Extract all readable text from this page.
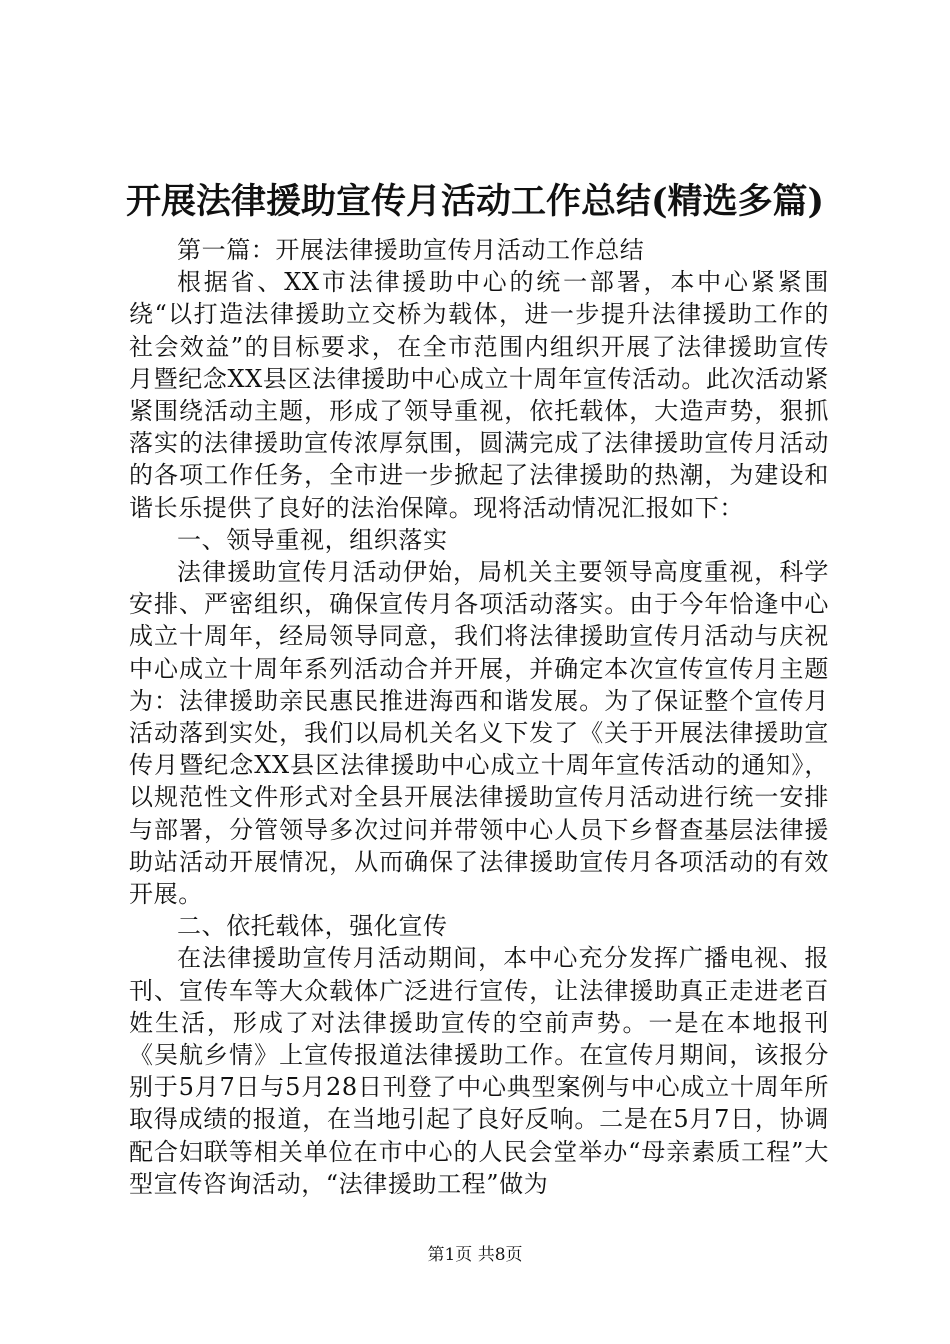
开展法律援助宣传月活动工作总结(精选多篇)

第一篇：开展法律援助宣传月活动工作总结

根据省、XX市法律援助中心的统一部署，本中心紧紧围绕“以打造法律援助立交桥为载体，进一步提升法律援助工作的社会效益”的目标要求，在全市范围内组织开展了法律援助宣传月暨纪念XX县区法律援助中心成立十周年宣传活动。此次活动紧紧围绕活动主题，形成了领导重视，依托载体，大造声势，狠抓落实的法律援助宣传浓厚氛围，圆满完成了法律援助宣传月活动的各项工作任务，全市进一步掀起了法律援助的热潮，为建设和谐长乐提供了良好的法治保障。现将活动情况汇报如下：

一、领导重视，组织落实

法律援助宣传月活动伊始，局机关主要领导高度重视，科学安排、严密组织，确保宣传月各项活动落实。由于今年恰逢中心成立十周年，经局领导同意，我们将法律援助宣传月活动与庆祝中心成立十周年系列活动合并开展，并确定本次宣传宣传月主题为：法律援助亲民惠民推进海西和谐发展。为了保证整个宣传月活动落到实处，我们以局机关名义下发了《关于开展法律援助宣传月暨纪念XX县区法律援助中心成立十周年宣传活动的通知》，以规范性文件形式对全县开展法律援助宣传月活动进行统一安排与部署，分管领导多次过问并带领中心人员下乡督查基层法律援助站活动开展情况，从而确保了法律援助宣传月各项活动的有效开展。

二、依托载体，强化宣传

在法律援助宣传月活动期间，本中心充分发挥广播电视、报刊、宣传车等大众载体广泛进行宣传，让法律援助真正走进老百姓生活，形成了对法律援助宣传的空前声势。一是在本地报刊《吴航乡情》上宣传报道法律援助工作。在宣传月期间，该报分别于5月7日与5月28日刊登了中心典型案例与中心成立十周年所取得成绩的报道，在当地引起了良好反响。二是在5月7日，协调配合妇联等相关单位在市中心的人民会堂举办“母亲素质工程”大型宣传咨询活动，“法律援助工程”做为

第1页 共8页
